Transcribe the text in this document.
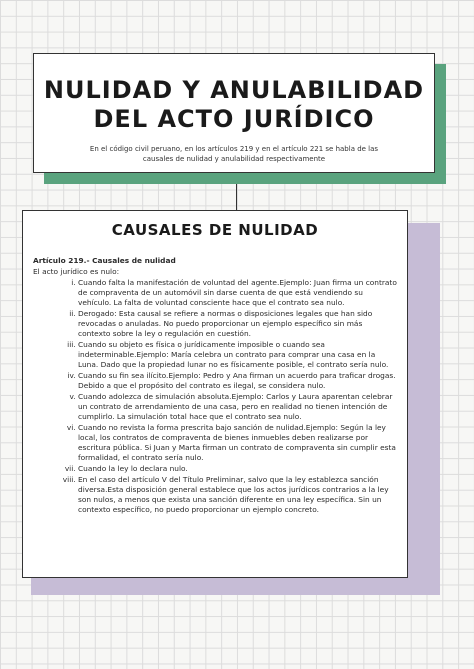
NULIDAD Y ANULABILIDAD
DEL ACTO JURÍDICO

En el código civil peruano, en los artículos 219 y en el artículo 221 se habla de las causales de nulidad y anulabilidad respectivamente

CAUSALES DE NULIDAD

Artículo 219.- Causales de nulidad

El acto jurídico es nulo:

i. Cuando falta la manifestación de voluntad del agente.Ejemplo: Juan firma un contrato de compraventa de un automóvil sin darse cuenta de que está vendiendo su vehículo. La falta de voluntad consciente hace que el contrato sea nulo.
ii. Derogado: Esta causal se refiere a normas o disposiciones legales que han sido revocadas o anuladas. No puedo proporcionar un ejemplo específico sin más contexto sobre la ley o regulación en cuestión.
iii. Cuando su objeto es física o jurídicamente imposible o cuando sea indeterminable.Ejemplo: María celebra un contrato para comprar una casa en la Luna. Dado que la propiedad lunar no es físicamente posible, el contrato sería nulo.
iv. Cuando su fin sea ilícito.Ejemplo: Pedro y Ana firman un acuerdo para traficar drogas. Debido a que el propósito del contrato es ilegal, se considera nulo.
v. Cuando adolezca de simulación absoluta.Ejemplo: Carlos y Laura aparentan celebrar un contrato de arrendamiento de una casa, pero en realidad no tienen intención de cumplirlo. La simulación total hace que el contrato sea nulo.
vi. Cuando no revista la forma prescrita bajo sanción de nulidad.Ejemplo: Según la ley local, los contratos de compraventa de bienes inmuebles deben realizarse por escritura pública. Si Juan y Marta firman un contrato de compraventa sin cumplir esta formalidad, el contrato sería nulo.
vii. Cuando la ley lo declara nulo.
viii. En el caso del artículo V del Título Preliminar, salvo que la ley establezca sanción diversa.Esta disposición general establece que los actos jurídicos contrarios a la ley son nulos, a menos que exista una sanción diferente en una ley específica. Sin un contexto específico, no puedo proporcionar un ejemplo concreto.
